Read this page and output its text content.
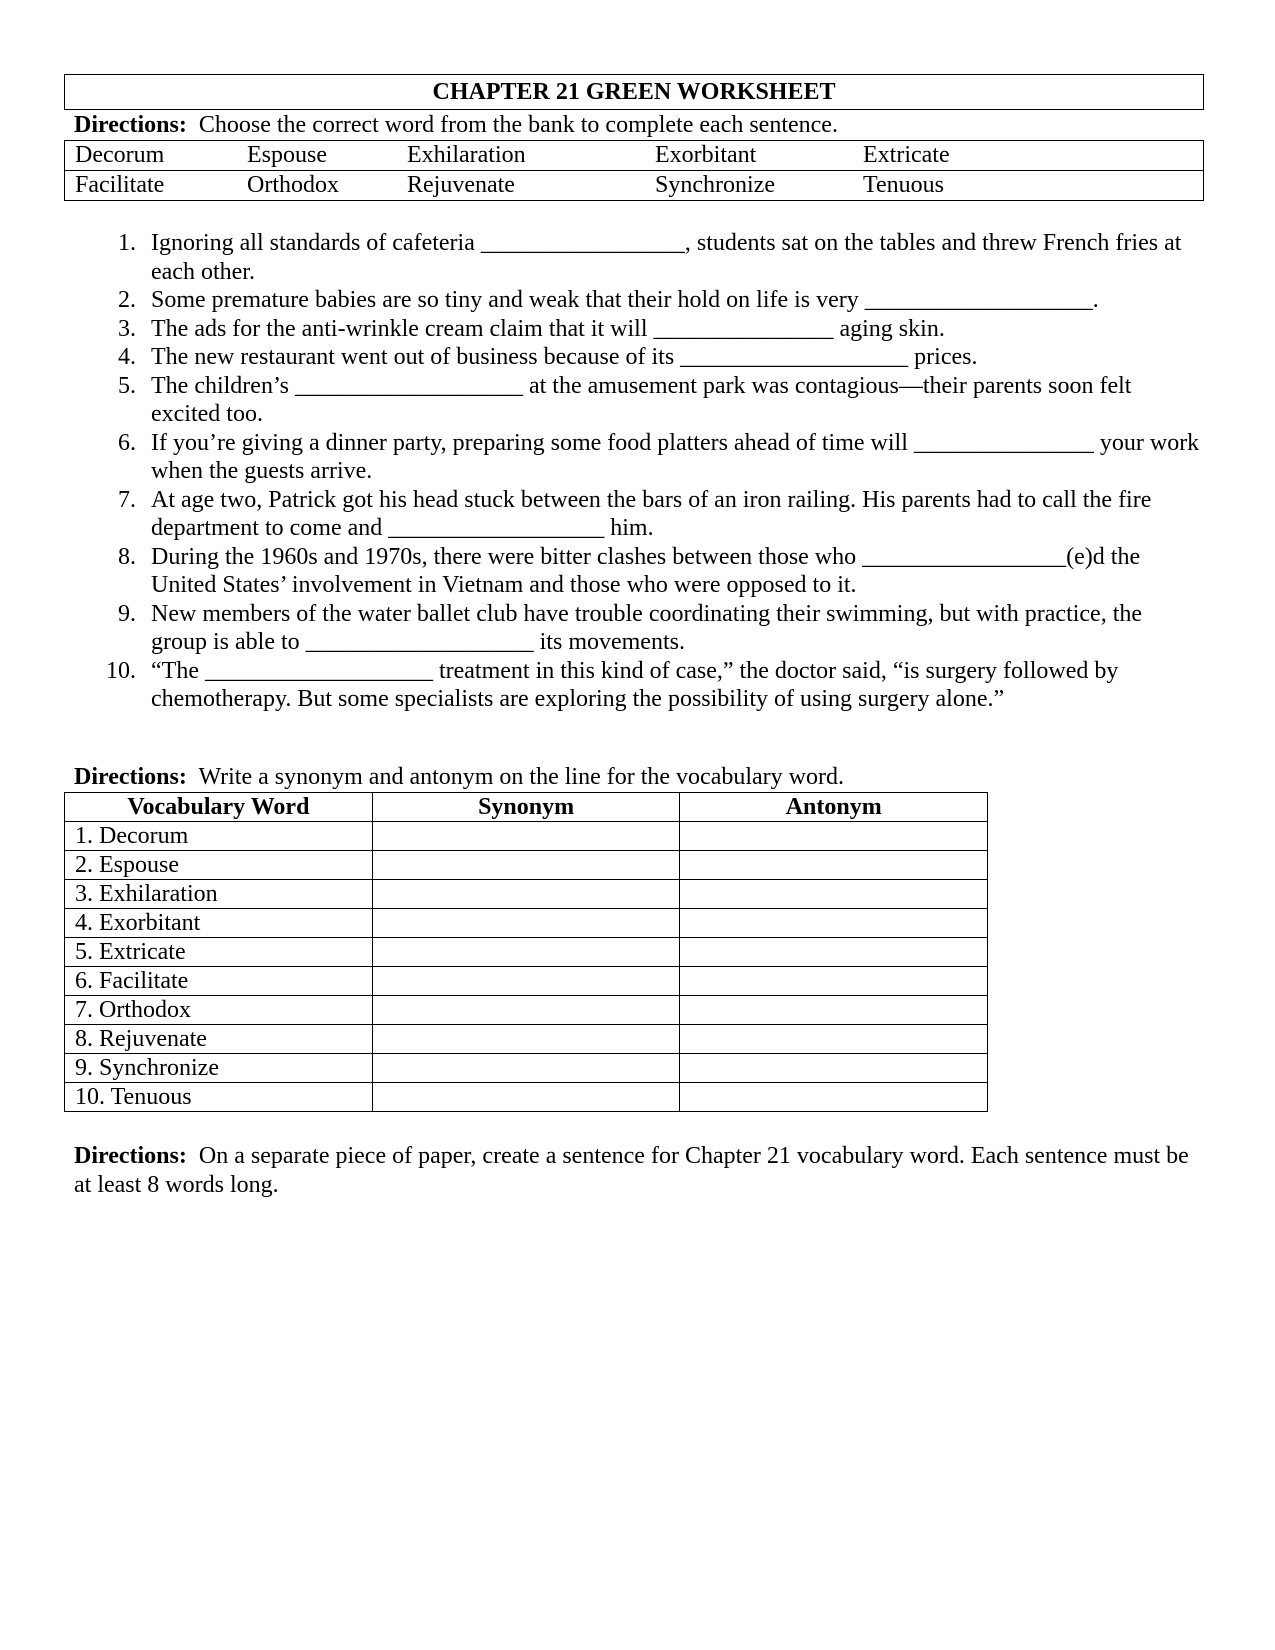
CHAPTER 21 GREEN WORKSHEET
Directions: Choose the correct word from the bank to complete each sentence.
Decorum	Espouse	Exhilaration	Exorbitant	Extricate
Facilitate	Orthodox	Rejuvenate	Synchronize	Tenuous
1. Ignoring all standards of cafeteria _________________, students sat on the tables and threw French fries at each other.
2. Some premature babies are so tiny and weak that their hold on life is very ___________________.
3. The ads for the anti-wrinkle cream claim that it will _______________ aging skin.
4. The new restaurant went out of business because of its ___________________ prices.
5. The children’s ___________________ at the amusement park was contagious—their parents soon felt excited too.
6. If you’re giving a dinner party, preparing some food platters ahead of time will _______________ your work when the guests arrive.
7. At age two, Patrick got his head stuck between the bars of an iron railing. His parents had to call the fire department to come and __________________ him.
8. During the 1960s and 1970s, there were bitter clashes between those who _________________(e)d the United States’ involvement in Vietnam and those who were opposed to it.
9. New members of the water ballet club have trouble coordinating their swimming, but with practice, the group is able to ___________________ its movements.
10. “The ___________________ treatment in this kind of case,” the doctor said, “is surgery followed by chemotherapy. But some specialists are exploring the possibility of using surgery alone.”
Directions: Write a synonym and antonym on the line for the vocabulary word.
Vocabulary Word	Synonym	Antonym
1. Decorum		
2. Espouse		
3. Exhilaration		
4. Exorbitant		
5. Extricate		
6. Facilitate		
7. Orthodox		
8. Rejuvenate		
9. Synchronize		
10. Tenuous		
Directions: On a separate piece of paper, create a sentence for Chapter 21 vocabulary word. Each sentence must be at least 8 words long.
